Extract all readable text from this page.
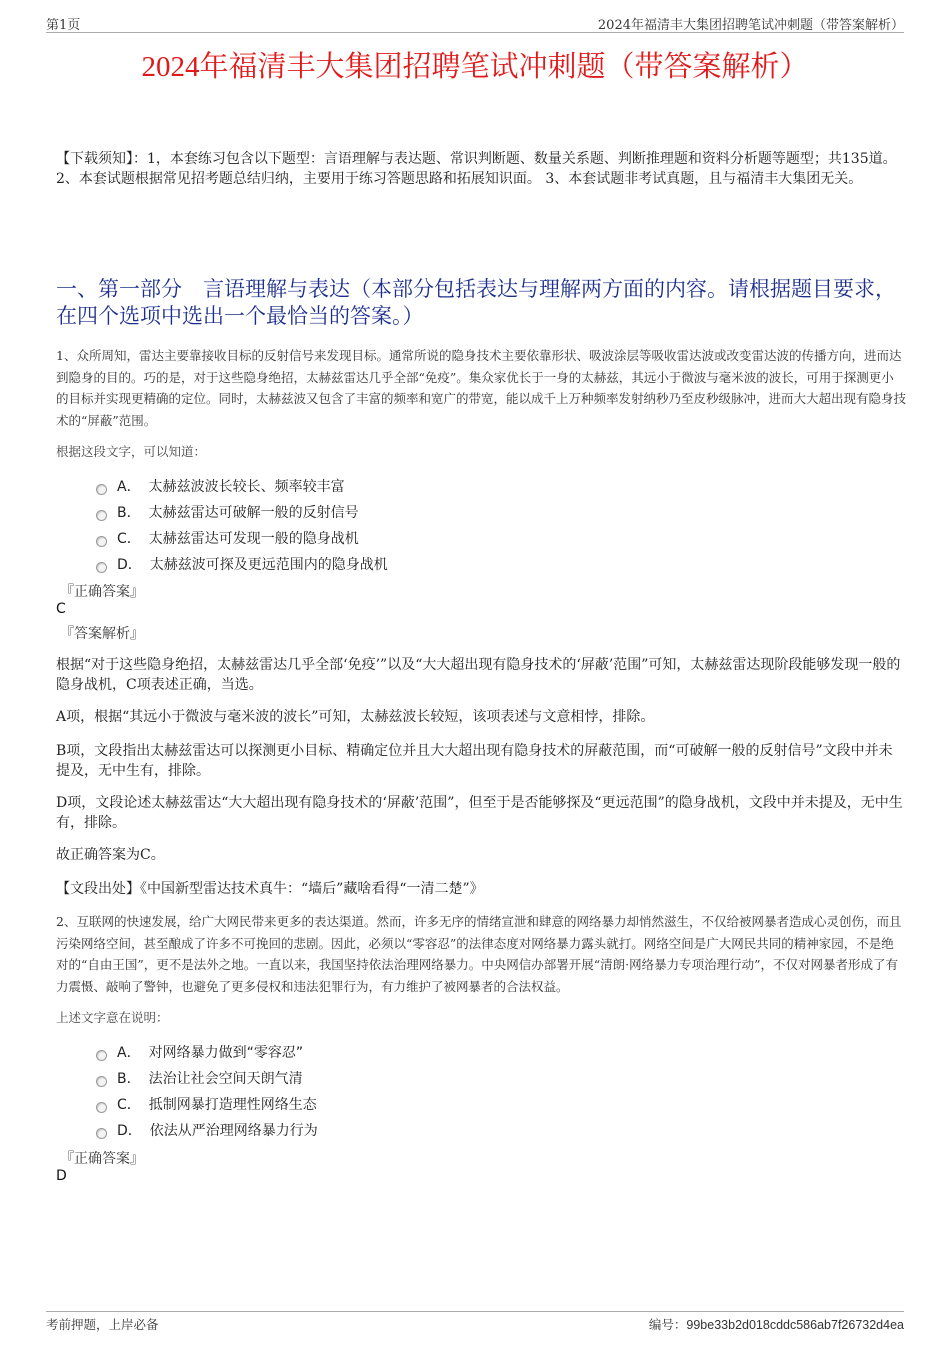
第1页	2024年福清丰大集团招聘笔试冲刺题（带答案解析）
2024年福清丰大集团招聘笔试冲刺题（带答案解析）
【下载须知】：1，本套练习包含以下题型：言语理解与表达题、常识判断题、数量关系题、判断推理题和资料分析题等题型；共135道。2、本套试题根据常见招考题总结归纳，主要用于练习答题思路和拓展知识面。 3、本套试题非考试真题，且与福清丰大集团无关。
一、第一部分　言语理解与表达（本部分包括表达与理解两方面的内容。请根据题目要求，在四个选项中选出一个最恰当的答案。）
1、众所周知，雷达主要靠接收目标的反射信号来发现目标。通常所说的隐身技术主要依靠形状、吸波涂层等吸收雷达波或改变雷达波的传播方向，进而达到隐身的目的。巧的是，对于这些隐身绝招，太赫兹雷达几乎全部“免疫”。集众家优长于一身的太赫兹，其远小于微波与毫米波的波长，可用于探测更小的目标并实现更精确的定位。同时，太赫兹波又包含了丰富的频率和宽广的带宽，能以成千上万种频率发射纳秒乃至皮秒级脉冲，进而大大超出现有隐身技术的“屏蔽”范围。
根据这段文字，可以知道：
A． 太赫兹波波长较长、频率较丰富
B． 太赫兹雷达可破解一般的反射信号
C． 太赫兹雷达可发现一般的隐身战机
D． 太赫兹波可探及更远范围内的隐身战机
『正确答案』
C
『答案解析』
根据“对于这些隐身绝招，太赫兹雷达几乎全部‘免疫’”以及“大大超出现有隐身技术的‘屏蔽’范围”可知，太赫兹雷达现阶段能够发现一般的隐身战机，C项表述正确，当选。
A项，根据“其远小于微波与毫米波的波长”可知，太赫兹波长较短，该项表述与文意相悖，排除。
B项，文段指出太赫兹雷达可以探测更小目标、精确定位并且大大超出现有隐身技术的屏蔽范围，而“可破解一般的反射信号”文段中并未提及，无中生有，排除。
D项，文段论述太赫兹雷达“大大超出现有隐身技术的‘屏蔽’范围”，但至于是否能够探及“更远范围”的隐身战机，文段中并未提及，无中生有，排除。
故正确答案为C。
【文段出处】《中国新型雷达技术真牛：“墙后”藏啥看得“一清二楚”》
2、互联网的快速发展，给广大网民带来更多的表达渠道。然而，许多无序的情绪宣泄和肆意的网络暴力却悄然滋生，不仅给被网暴者造成心灵创伤，而且污染网络空间，甚至酿成了许多不可挽回的悲剧。因此，必须以“零容忍”的法律态度对网络暴力露头就打。网络空间是广大网民共同的精神家园，不是绝对的“自由王国”，更不是法外之地。一直以来，我国坚持依法治理网络暴力。中央网信办部署开展“清朗·网络暴力专项治理行动”，不仅对网暴者形成了有力震慑、敲响了警钟，也避免了更多侵权和违法犯罪行为，有力维护了被网暴者的合法权益。
上述文字意在说明：
A． 对网络暴力做到“零容忍”
B． 法治让社会空间天朗气清
C． 抵制网暴打造理性网络生态
D． 依法从严治理网络暴力行为
『正确答案』
D
考前押题，上岸必备	编号：99be33b2d018cddc586ab7f26732d4ea
